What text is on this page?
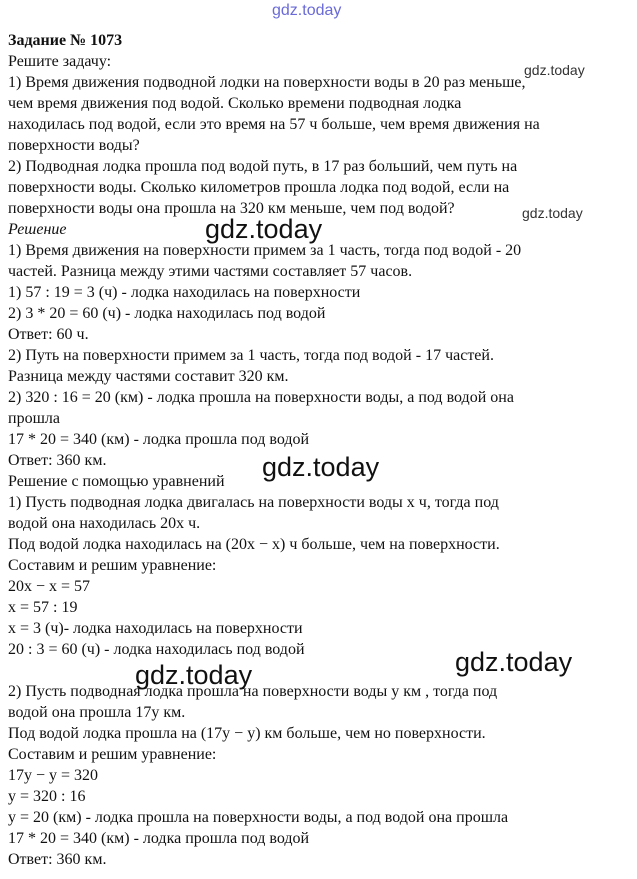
gdz.today
Задание № 1073
Решите задачу:
1) Время движения подводной лодки на поверхности воды в 20 раз меньше,
чем время движения под водой. Сколько времени подводная лодка
находилась под водой, если это время на 57 ч больше, чем время движения на
поверхности воды?
2) Подводная лодка прошла под водой путь, в 17 раз больший, чем путь на
поверхности воды. Сколько километров прошла лодка под водой, если на
поверхности воды она прошла на 320 км меньше, чем под водой?
Решение
1) Время движения на поверхности примем за 1 часть, тогда под водой - 20
частей. Разница между этими частями составляет 57 часов.
1) 57 : 19 = 3 (ч) - лодка находилась на поверхности
2) 3 * 20 = 60 (ч) - лодка находилась под водой
Ответ: 60 ч.
2) Путь на поверхности примем за 1 часть, тогда под водой - 17 частей.
Разница между частями составит 320 км.
2) 320 : 16 = 20 (км) - лодка прошла на поверхности воды, а под водой она
прошла
17 * 20 = 340 (км) - лодка прошла под водой
Ответ: 360 км.
Решение с помощью уравнений
1) Пусть подводная лодка двигалась на поверхности воды x ч, тогда под
водой она находилась 20x ч.
Под водой лодка находилась на (20x − x) ч больше, чем на поверхности.
Составим и решим уравнение:
20x − x = 57
x = 57 : 19
x = 3 (ч)- лодка находилась на поверхности
20 : 3 = 60 (ч) - лодка находилась под водой
2) Пусть подводная лодка прошла на поверхности воды y км , тогда под
водой она прошла 17y км.
Под водой лодка прошла на (17y − y) км больше, чем но поверхности.
Составим и решим уравнение:
17y − y = 320
y = 320 : 16
y = 20 (км) - лодка прошла на поверхности воды, а под водой она прошла
17 * 20 = 340 (км) - лодка прошла под водой
Ответ: 360 км.
gdz.today
gdz.today
gdz.today
gdz.today
gdz.today
gdz.today
